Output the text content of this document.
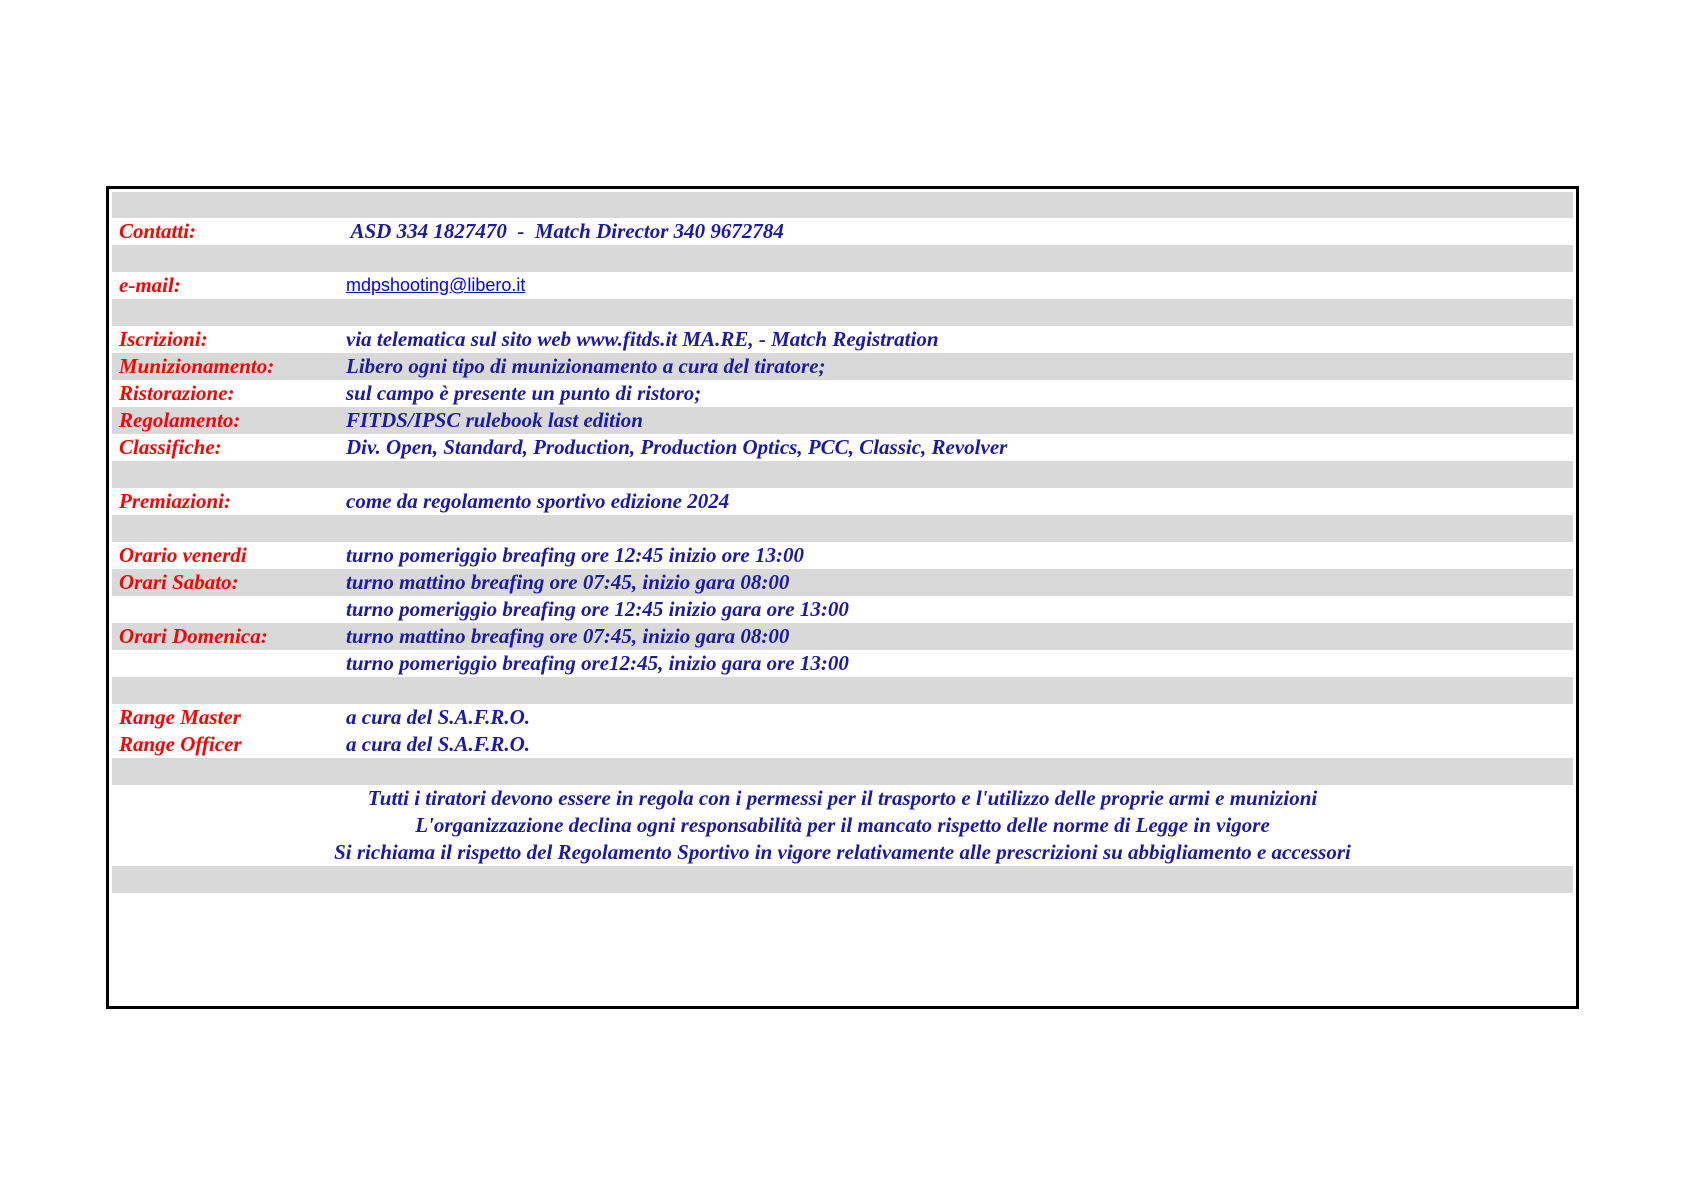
Contatti:	ASD 334 1827470  -  Match Director 340 9672784
e-mail:	mdpshooting@libero.it
Iscrizioni:	via telematica sul sito web www.fitds.it MA.RE, - Match Registration
Munizionamento:	Libero ogni tipo di munizionamento a cura del tiratore;
Ristorazione:	sul campo è presente un punto di ristoro;
Regolamento:	FITDS/IPSC rulebook last edition
Classifiche:	Div. Open, Standard, Production, Production Optics, PCC, Classic, Revolver
Premiazioni:	come da regolamento sportivo edizione 2024
Orario venerdi	turno pomeriggio breafing ore 12:45 inizio ore 13:00
Orari Sabato:	turno mattino breafing ore 07:45, inizio gara 08:00
turno pomeriggio breafing ore 12:45 inizio gara ore 13:00
Orari Domenica:	turno mattino breafing ore 07:45, inizio gara 08:00
turno pomeriggio breafing ore12:45, inizio gara ore 13:00
Range Master	a cura del S.A.F.R.O.
Range Officer	a cura del S.A.F.R.O.
Tutti i tiratori devono essere in regola con i permessi per il trasporto e l'utilizzo delle proprie armi e munizioni
L'organizzazione declina ogni responsabilità per il mancato rispetto delle norme di Legge in vigore
Si richiama il rispetto del Regolamento Sportivo in vigore relativamente alle prescrizioni su abbigliamento e accessori
